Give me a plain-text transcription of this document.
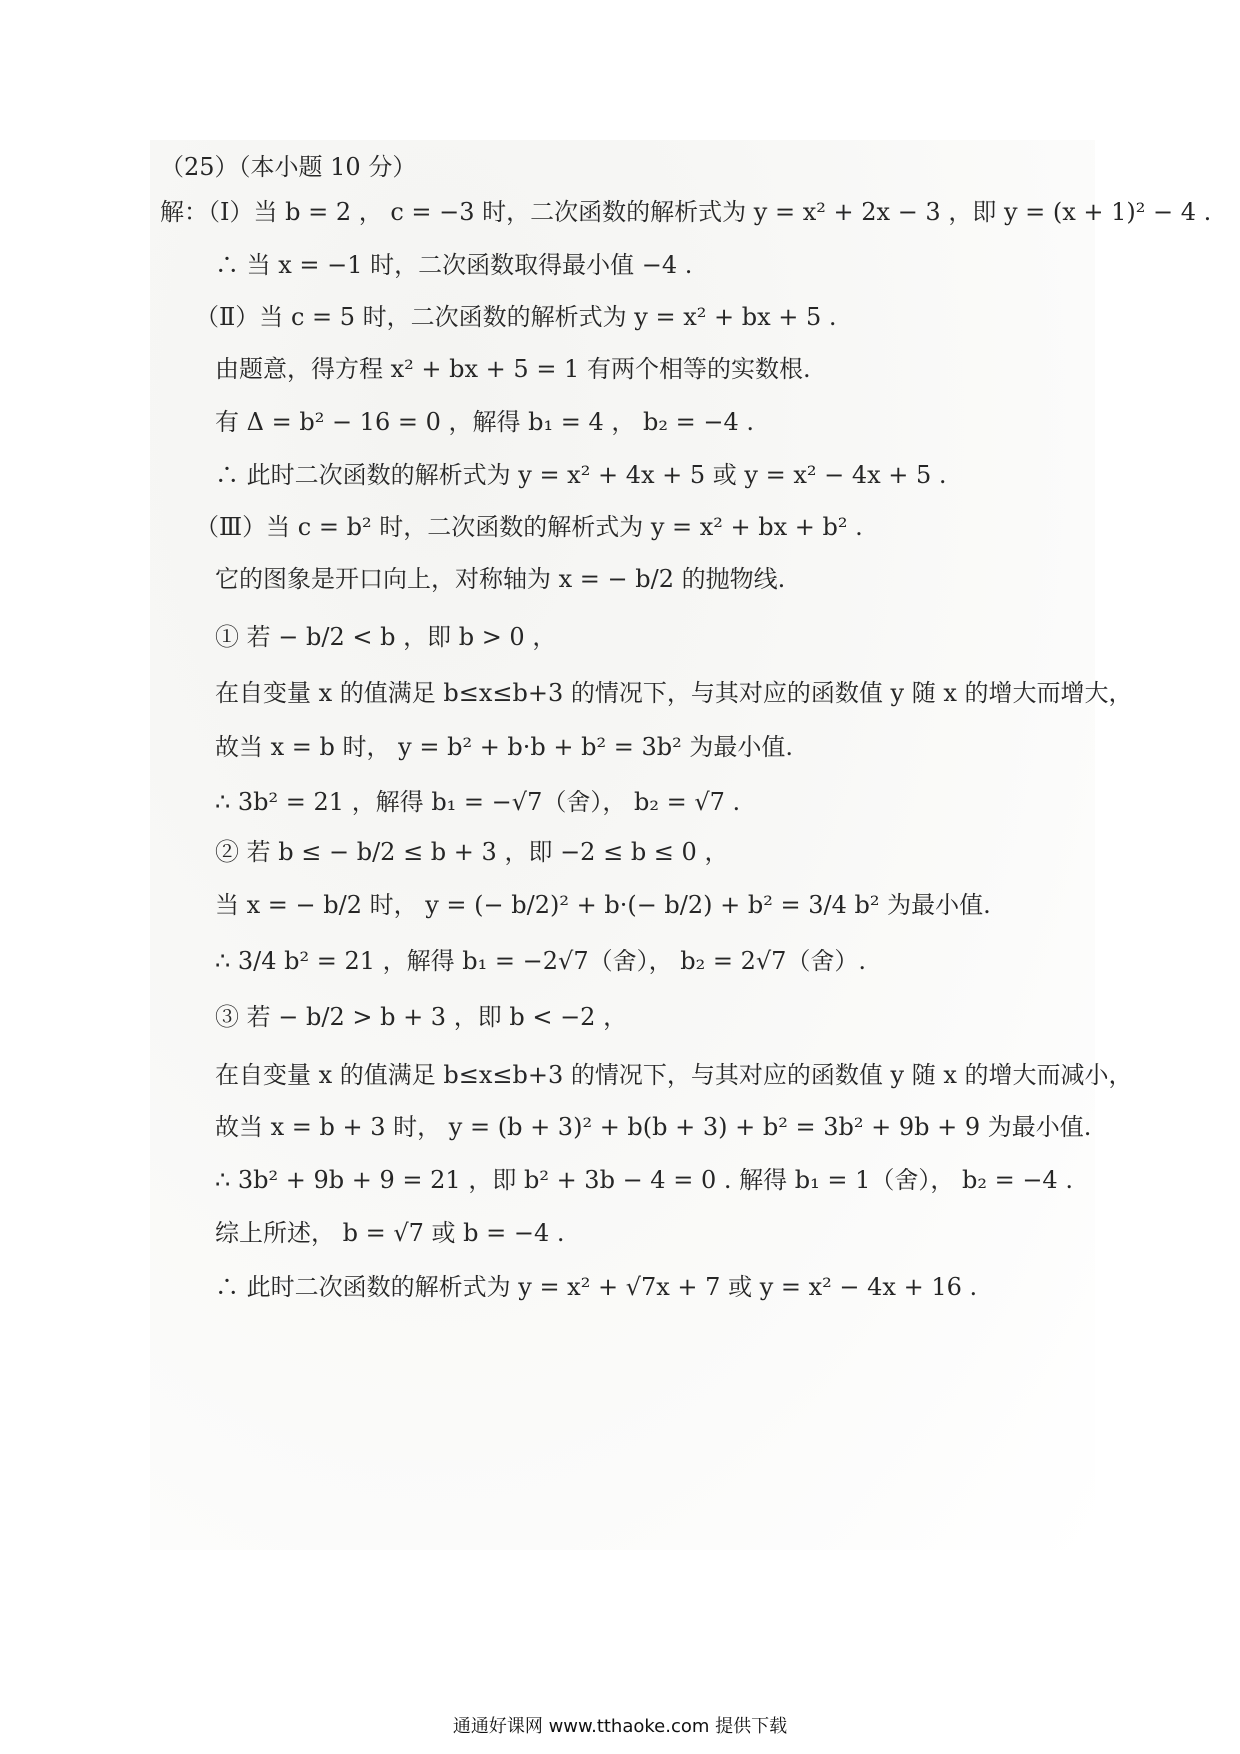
（25）（本小题 10 分）
解：（Ⅰ）当 b = 2 ， c = −3 时，二次函数的解析式为 y = x² + 2x − 3 ，即 y = (x + 1)² − 4 .
∴ 当 x = −1 时，二次函数取得最小值 −4 .
（Ⅱ）当 c = 5 时，二次函数的解析式为 y = x² + bx + 5 .
由题意，得方程 x² + bx + 5 = 1 有两个相等的实数根.
有 Δ = b² − 16 = 0 ，解得 b₁ = 4 ， b₂ = −4 .
∴ 此时二次函数的解析式为 y = x² + 4x + 5 或 y = x² − 4x + 5 .
（Ⅲ）当 c = b² 时，二次函数的解析式为 y = x² + bx + b² .
它的图象是开口向上，对称轴为 x = − b/2 的抛物线.
① 若 − b/2 < b ，即 b > 0 ，
在自变量 x 的值满足 b≤x≤b+3 的情况下，与其对应的函数值 y 随 x 的增大而增大，
故当 x = b 时， y = b² + b·b + b² = 3b² 为最小值.
∴ 3b² = 21 ，解得 b₁ = −√7（舍）， b₂ = √7 .
② 若 b ≤ − b/2 ≤ b + 3 ，即 −2 ≤ b ≤ 0 ，
当 x = − b/2 时， y = (− b/2)² + b·(− b/2) + b² = 3/4 b² 为最小值.
∴ 3/4 b² = 21 ，解得 b₁ = −2√7（舍）， b₂ = 2√7（舍）.
③ 若 − b/2 > b + 3 ，即 b < −2 ，
在自变量 x 的值满足 b≤x≤b+3 的情况下，与其对应的函数值 y 随 x 的增大而减小，
故当 x = b + 3 时， y = (b + 3)² + b(b + 3) + b² = 3b² + 9b + 9 为最小值.
∴ 3b² + 9b + 9 = 21 ，即 b² + 3b − 4 = 0 . 解得 b₁ = 1（舍）， b₂ = −4 .
综上所述， b = √7 或 b = −4 .
∴ 此时二次函数的解析式为 y = x² + √7x + 7 或 y = x² − 4x + 16 .
通通好课网 www.tthaoke.com 提供下载
